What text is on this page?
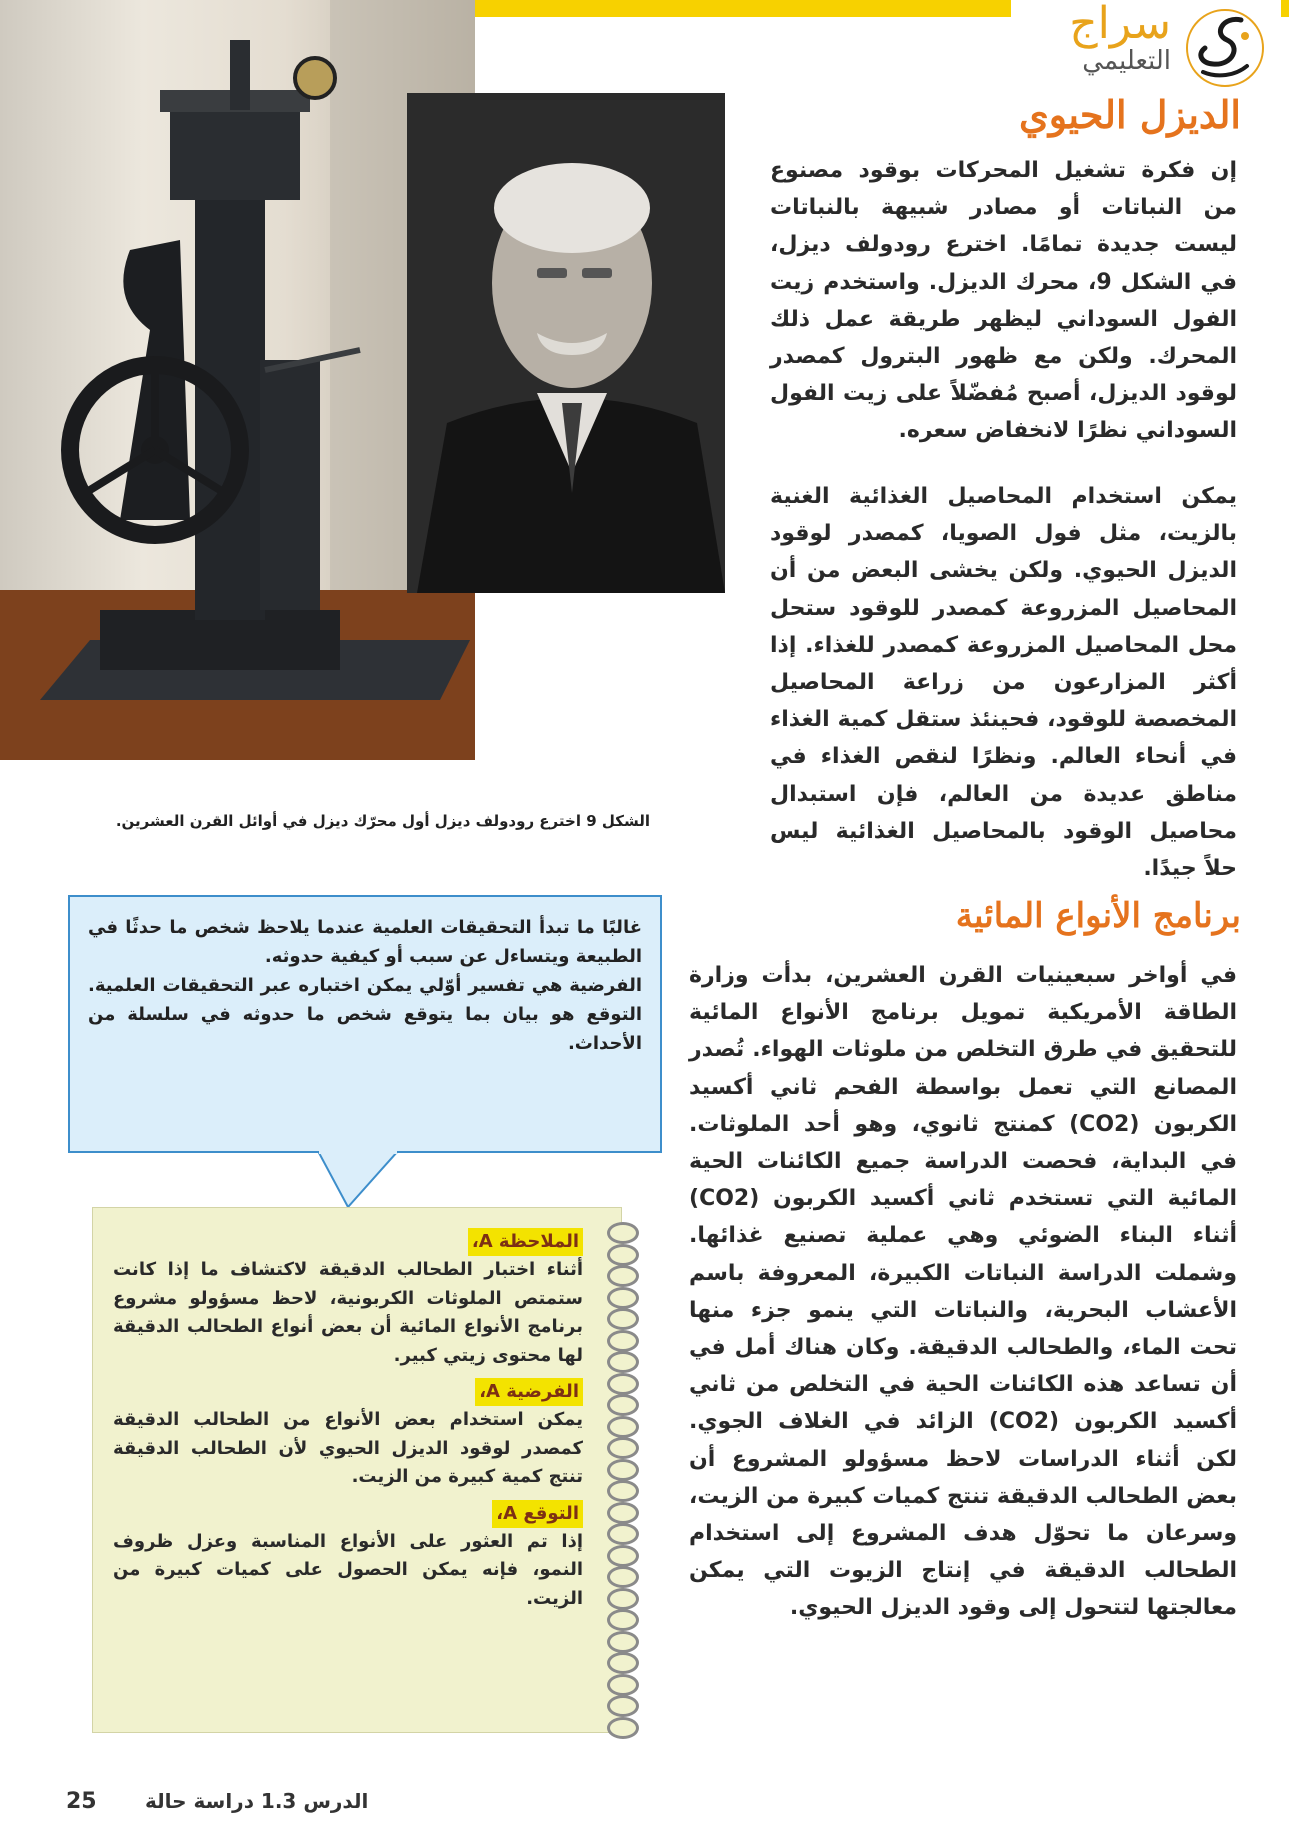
سراج
التعليمي
الشكل 9 اخترع رودولف ديزل أول محرّك ديزل في أوائل القرن العشرين.
الديزل الحيوي

إن فكرة تشغيل المحركات بوقود مصنوع من النباتات أو مصادر شبيهة بالنباتات ليست جديدة تمامًا. اخترع رودولف ديزل، في الشكل 9، محرك الديزل. واستخدم زيت الفول السوداني ليظهر طريقة عمل ذلك المحرك. ولكن مع ظهور البترول كمصدر لوقود الديزل، أصبح مُفضّلاً على زيت الفول السوداني نظرًا لانخفاض سعره.

يمكن استخدام المحاصيل الغذائية الغنية بالزيت، مثل فول الصويا، كمصدر لوقود الديزل الحيوي. ولكن يخشى البعض من أن المحاصيل المزروعة كمصدر للوقود ستحل محل المحاصيل المزروعة كمصدر للغذاء. إذا أكثر المزارعون من زراعة المحاصيل المخصصة للوقود، فحينئذ ستقل كمية الغذاء في أنحاء العالم. ونظرًا لنقص الغذاء في مناطق عديدة من العالم، فإن استبدال محاصيل الوقود بالمحاصيل الغذائية ليس حلاً جيدًا.

برنامج الأنواع المائية

في أواخر سبعينيات القرن العشرين، بدأت وزارة الطاقة الأمريكية تمويل برنامج الأنواع المائية للتحقيق في طرق التخلص من ملوثات الهواء. تُصدر المصانع التي تعمل بواسطة الفحم ثاني أكسيد الكربون (CO2) كمنتج ثانوي، وهو أحد الملوثات. في البداية، فحصت الدراسة جميع الكائنات الحية المائية التي تستخدم ثاني أكسيد الكربون (CO2) أثناء البناء الضوئي وهي عملية تصنيع غذائها. وشملت الدراسة النباتات الكبيرة، المعروفة باسم الأعشاب البحرية، والنباتات التي ينمو جزء منها تحت الماء، والطحالب الدقيقة. وكان هناك أمل في أن تساعد هذه الكائنات الحية في التخلص من ثاني أكسيد الكربون (CO2) الزائد في الغلاف الجوي. لكن أثناء الدراسات لاحظ مسؤولو المشروع أن بعض الطحالب الدقيقة تنتج كميات كبيرة من الزيت، وسرعان ما تحوّل هدف المشروع إلى استخدام الطحالب الدقيقة في إنتاج الزيوت التي يمكن معالجتها لتتحول إلى وقود الديزل الحيوي.

غالبًا ما تبدأ التحقيقات العلمية عندما يلاحظ شخص ما حدثًا في الطبيعة ويتساءل عن سبب أو كيفية حدوثه.

الفرضية هي تفسير أوّلي يمكن اختباره عبر التحقيقات العلمية. التوقع هو بيان بما يتوقع شخص ما حدوثه في سلسلة من الأحداث.

الملاحظة A،

أثناء اختبار الطحالب الدقيقة لاكتشاف ما إذا كانت ستمتص الملوثات الكربونية، لاحظ مسؤولو مشروع برنامج الأنواع المائية أن بعض أنواع الطحالب الدقيقة لها محتوى زيتي كبير.

الفرضية A،

يمكن استخدام بعض الأنواع من الطحالب الدقيقة كمصدر لوقود الديزل الحيوي لأن الطحالب الدقيقة تنتج كمية كبيرة من الزيت.

التوقع A،

إذا تم العثور على الأنواع المناسبة وعزل ظروف النمو، فإنه يمكن الحصول على كميات كبيرة من الزيت.

25 الدرس 1.3 دراسة حالة
